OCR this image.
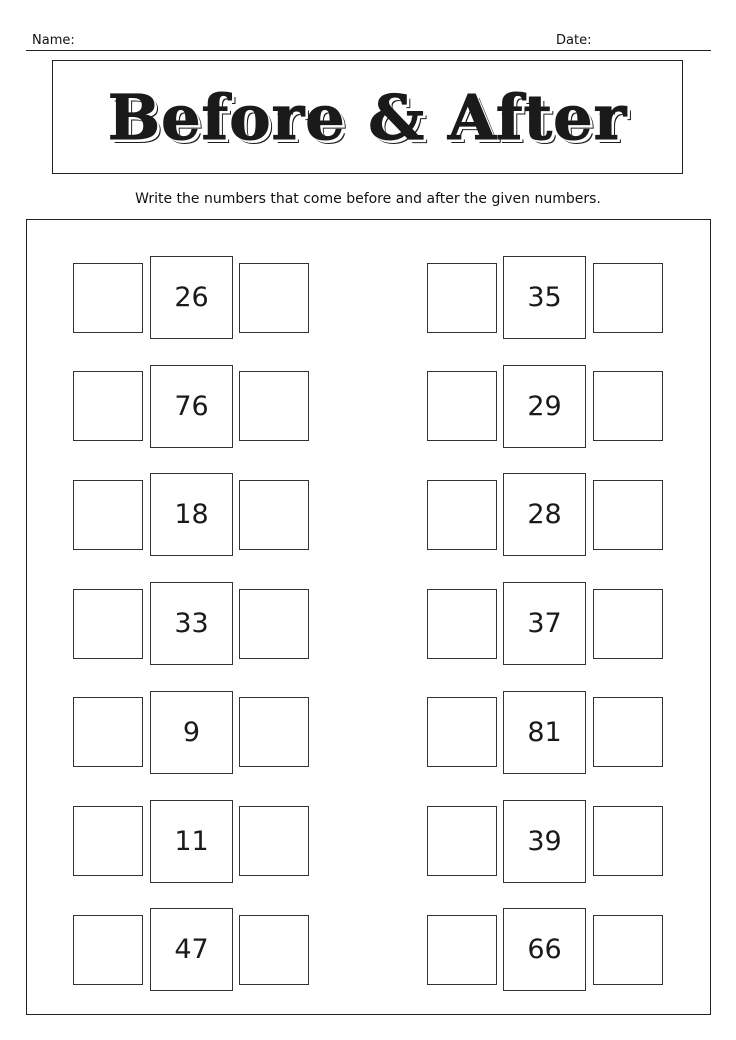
Name:	Date:
Before & After
Write the numbers that come before and after the given numbers.
26
76
18
33
9
11
47
35
29
28
37
81
39
66
